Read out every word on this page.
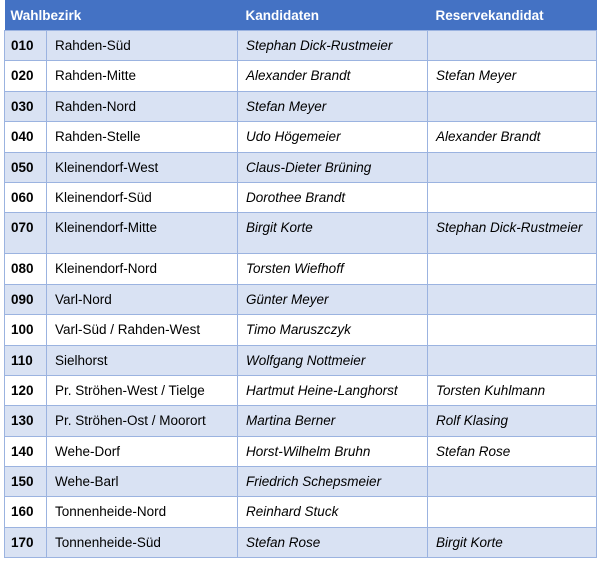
Wahlbezirk		Kandidaten	Reservekandidat
010	Rahden-Süd	Stephan Dick-Rustmeier	
020	Rahden-Mitte	Alexander Brandt	Stefan Meyer
030	Rahden-Nord	Stefan Meyer	
040	Rahden-Stelle	Udo Högemeier	Alexander Brandt
050	Kleinendorf-West	Claus-Dieter Brüning	
060	Kleinendorf-Süd	Dorothee Brandt	
070	Kleinendorf-Mitte	Birgit Korte	Stephan Dick-Rustmeier
080	Kleinendorf-Nord	Torsten Wiefhoff	
090	Varl-Nord	Günter Meyer	
100	Varl-Süd / Rahden-West	Timo Maruszczyk	
110	Sielhorst	Wolfgang Nottmeier	
120	Pr. Ströhen-West / Tielge	Hartmut Heine-Langhorst	Torsten Kuhlmann
130	Pr. Ströhen-Ost / Moorort	Martina Berner	Rolf Klasing
140	Wehe-Dorf	Horst-Wilhelm Bruhn	Stefan Rose
150	Wehe-Barl	Friedrich Schepsmeier	
160	Tonnenheide-Nord	Reinhard Stuck	
170	Tonnenheide-Süd	Stefan Rose	Birgit Korte
